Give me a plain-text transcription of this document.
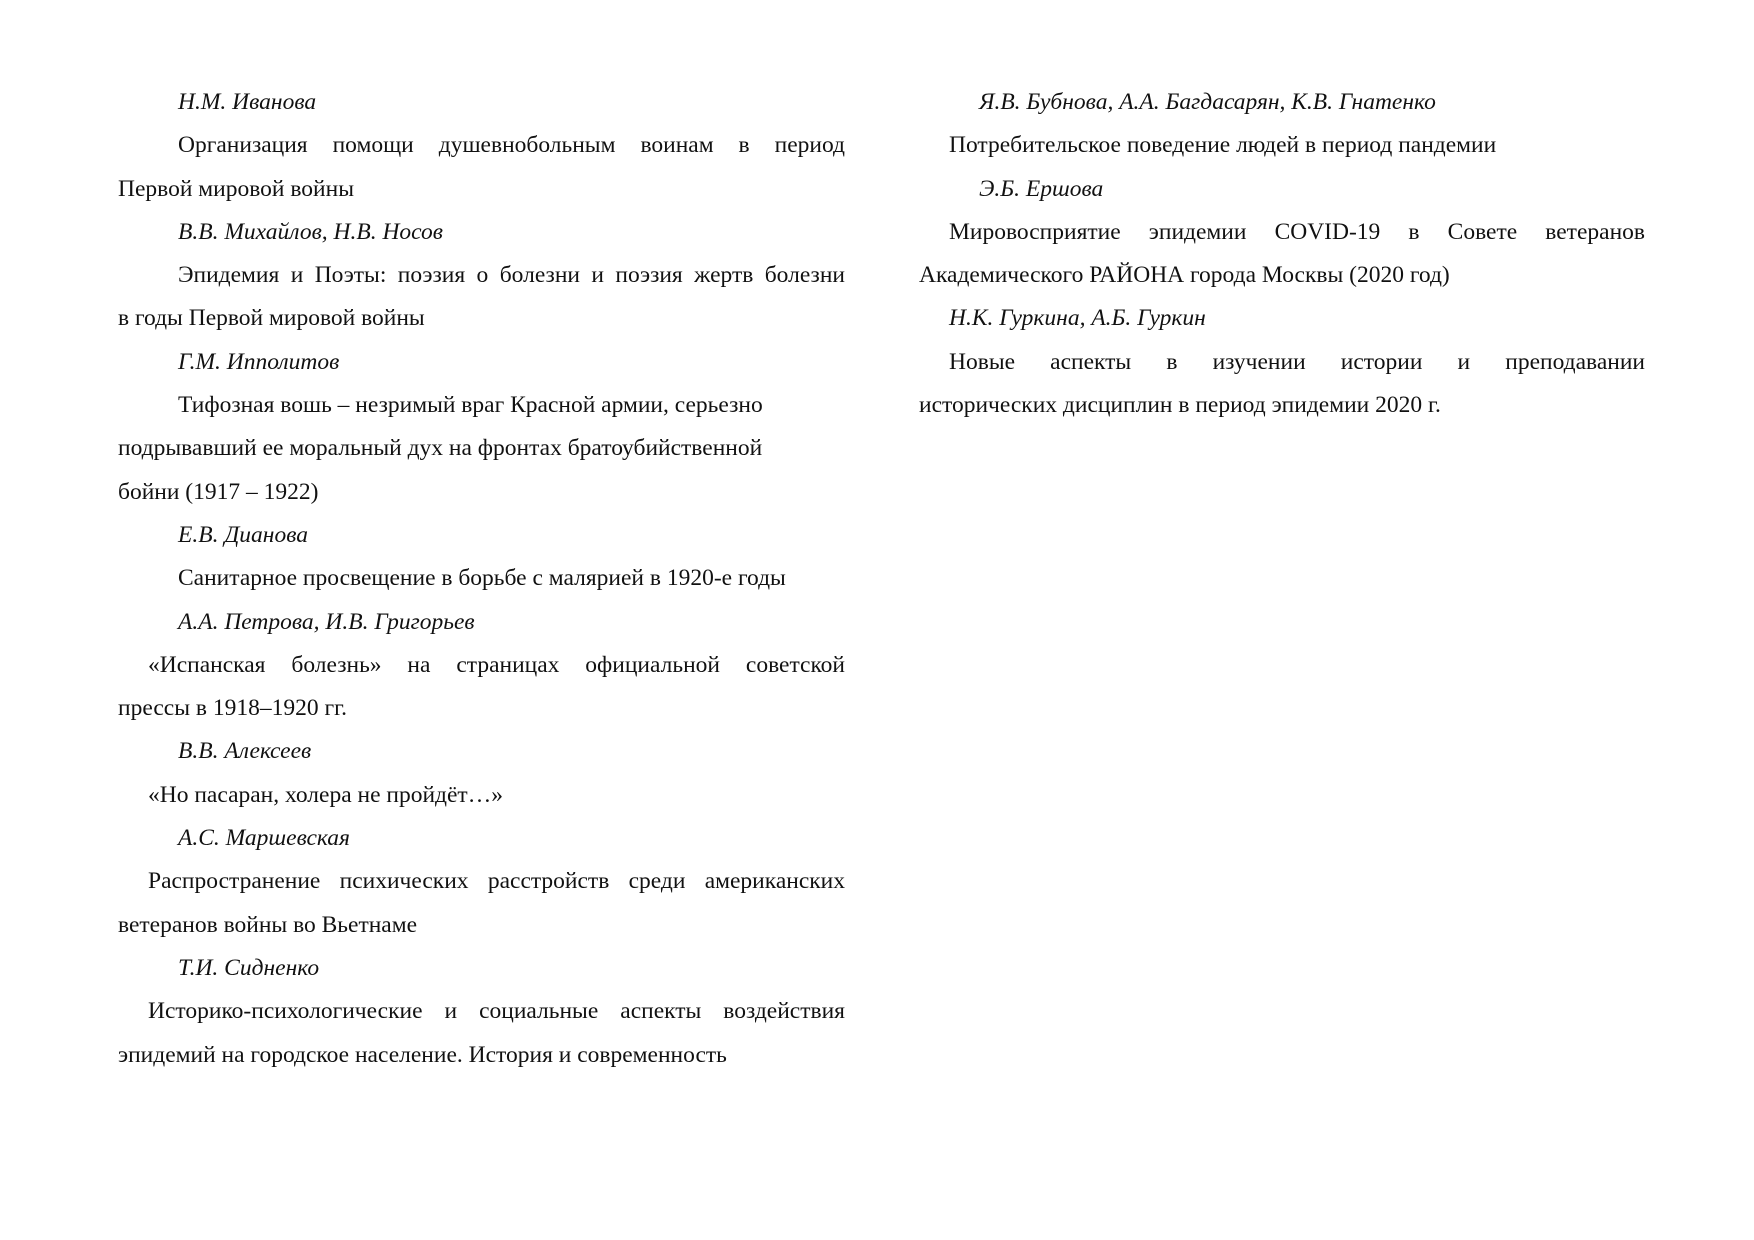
Н.М. Иванова
Организация помощи душевнобольным воинам в период
Первой мировой войны
В.В. Михайлов, Н.В. Носов
Эпидемия и Поэты: поэзия о болезни и поэзия жертв болезни
в годы Первой мировой войны
Г.М. Ипполитов
Тифозная вошь – незримый враг Красной армии, серьезно
подрывавший ее моральный дух на фронтах братоубийственной
бойни (1917 – 1922)
Е.В. Дианова
Санитарное просвещение в борьбе с малярией в 1920-е годы
А.А. Петрова, И.В. Григорьев
«Испанская болезнь» на страницах официальной советской
прессы в 1918–1920 гг.
В.В. Алексеев
«Но пасаран, холера не пройдёт…»
А.С. Маршевская
Распространение психических расстройств среди американских
ветеранов войны во Вьетнаме
Т.И. Сидненко
Историко-психологические и социальные аспекты воздействия
эпидемий на городское население. История и современность
Я.В. Бубнова, А.А. Багдасарян, К.В. Гнатенко
Потребительское поведение людей в период пандемии
Э.Б. Ершова
Мировосприятие эпидемии COVID-19 в Совете ветеранов
Академического РАЙОНА города Москвы (2020 год)
Н.К. Гуркина, А.Б. Гуркин
Новые аспекты в изучении истории и преподавании
исторических дисциплин в период эпидемии 2020 г.
